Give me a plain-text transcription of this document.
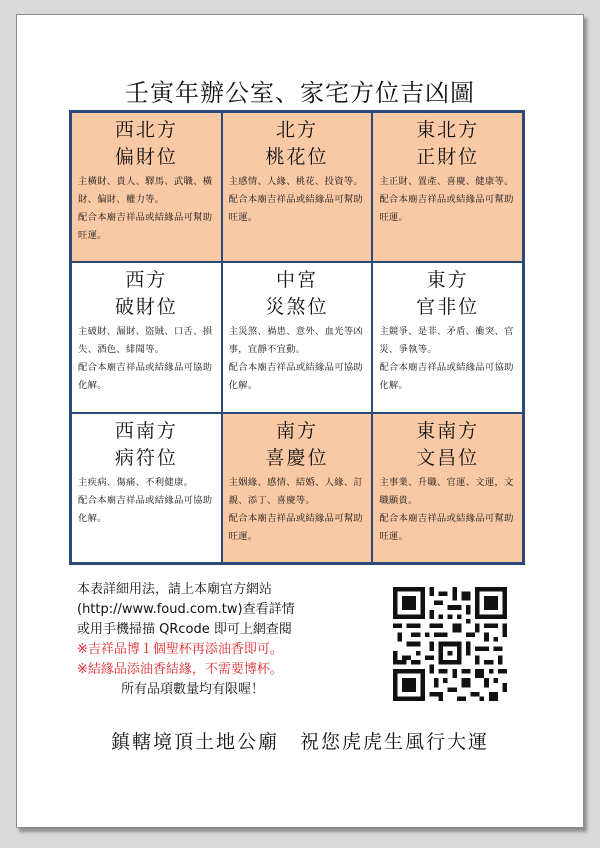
壬寅年辦公室、家宅方位吉凶圖
西北方
偏財位
主橫財、貴人、驛馬、武職、橫財、偏財、權力等。
配合本廟吉祥品或結緣品可幫助旺運。
北方
桃花位
主感情、人緣、桃花、投資等。
配合本廟吉祥品或結緣品可幫助旺運。
東北方
正財位
主正財、置產、喜慶、健康等。
配合本廟吉祥品或結緣品可幫助旺運。
西方
破財位
主破財、漏財、盜賊、口舌、損失、酒色、緋聞等。
配合本廟吉祥品或結緣品可協助化解。
中宮
災煞位
主災煞、禍患、意外、血光等凶事，宜靜不宜動。
配合本廟吉祥品或結緣品可協助化解。
東方
官非位
主競爭、是非、矛盾、衝突、官災、爭執等。
配合本廟吉祥品或結緣品可協助化解。
西南方
病符位
主疾病、傷痛、不利健康。
配合本廟吉祥品或結緣品可協助化解。
南方
喜慶位
主姻緣、感情、結婚、人緣、訂親、添丁、喜慶等。
配合本廟吉祥品或結緣品可幫助旺運。
東南方
文昌位
主事業、升職、官運、文運，文職顯貴。
配合本廟吉祥品或結緣品可幫助旺運。
本表詳細用法，請上本廟官方網站
(http://www.foud.com.tw)查看詳情
或用手機掃描 QRcode 即可上網查閱
※吉祥品博１個聖杯再添油香即可。
※結緣品添油香結緣，不需要博杯。
所有品項數量均有限喔！
鎮轄境頂土地公廟　祝您虎虎生風行大運
